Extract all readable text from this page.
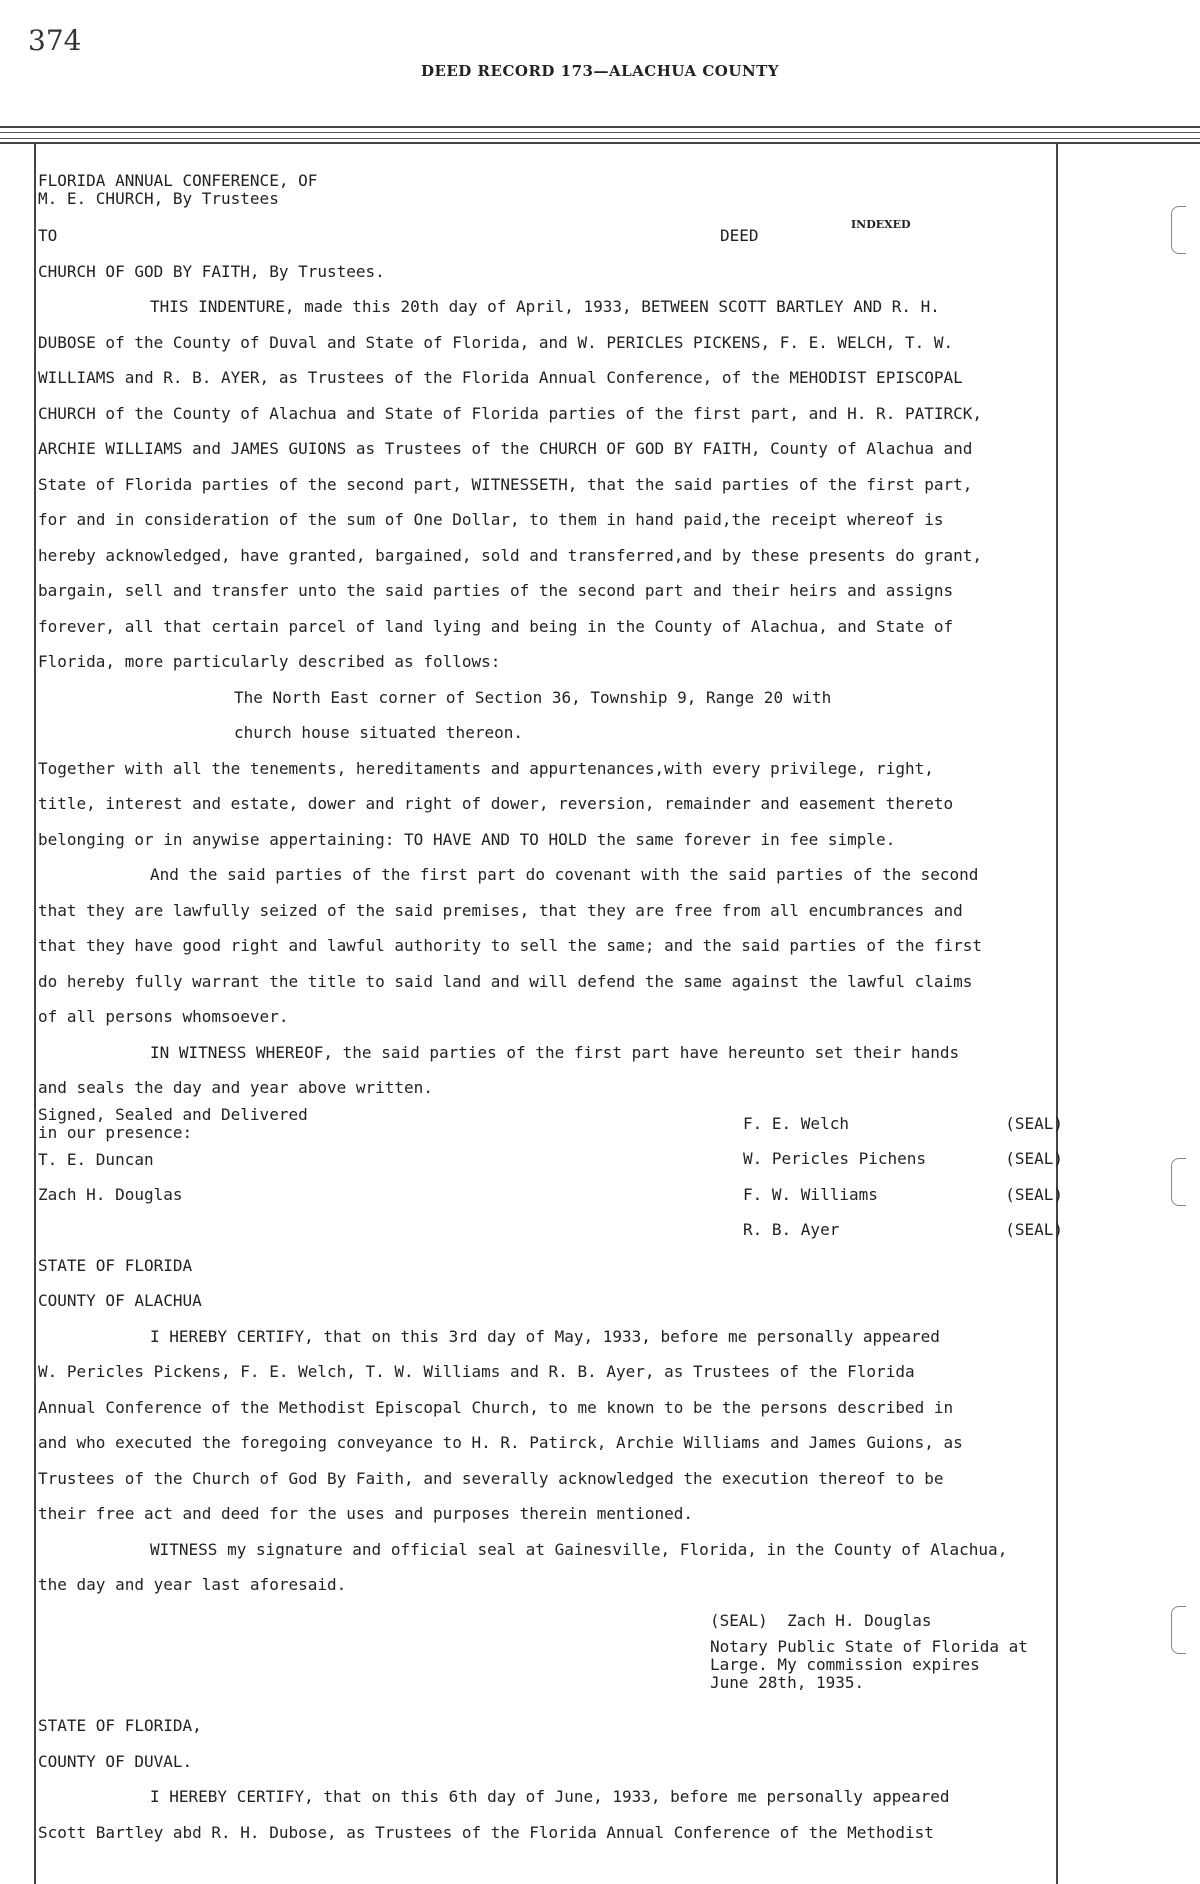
374
DEED RECORD 173—ALACHUA COUNTY
INDEXED
DEED

FLORIDA ANNUAL CONFERENCE, OF

M. E. CHURCH, By Trustees

TO

CHURCH OF GOD BY FAITH, By Trustees.

THIS INDENTURE, made this 20th day of April, 1933, BETWEEN SCOTT BARTLEY AND R. H.

DUBOSE of the County of Duval and State of Florida, and W. PERICLES PICKENS, F. E. WELCH, T. W.

WILLIAMS and R. B. AYER, as Trustees of the Florida Annual Conference, of the MEHODIST EPISCOPAL

CHURCH of the County of Alachua and State of Florida parties of the first part, and H. R. PATIRCK,

ARCHIE WILLIAMS and JAMES GUIONS as Trustees of the CHURCH OF GOD BY FAITH, County of Alachua and

State of Florida parties of the second part, WITNESSETH, that the said parties of the first part,

for and in consideration of the sum of One Dollar, to them in hand paid,the receipt whereof is

hereby acknowledged, have granted, bargained, sold and transferred,and by these presents do grant,

bargain, sell and transfer unto the said parties of the second part and their heirs and assigns

forever, all that certain parcel of land lying and being in the County of Alachua, and State of

Florida, more particularly described as follows:

The North East corner of Section 36, Township 9, Range 20 with

church house situated thereon.

Together with all the tenements, hereditaments and appurtenances,with every privilege, right,

title, interest and estate, dower and right of dower, reversion, remainder and easement thereto

belonging or in anywise appertaining: TO HAVE AND TO HOLD the same forever in fee simple.

And the said parties of the first part do covenant with the said parties of the second

that they are lawfully seized of the said premises, that they are free from all encumbrances and

that they have good right and lawful authority to sell the same; and the said parties of the first

do hereby fully warrant the title to said land and will defend the same against the lawful claims

of all persons whomsoever.

IN WITNESS WHEREOF, the said parties of the first part have hereunto set their hands

and seals the day and year above written.

Signed, Sealed and Delivered

in our presence:

T. E. Duncan

Zach H. Douglas

F. E. Welch	(SEAL)
W. Pericles Pichens	(SEAL)
F. W. Williams	(SEAL)
R. B. Ayer	(SEAL)

STATE OF FLORIDA

COUNTY OF ALACHUA

I HEREBY CERTIFY, that on this 3rd day of May, 1933, before me personally appeared

W. Pericles Pickens, F. E. Welch, T. W. Williams and R. B. Ayer, as Trustees of the Florida

Annual Conference of the Methodist Episcopal Church, to me known to be the persons described in

and who executed the foregoing conveyance to H. R. Patirck, Archie Williams and James Guions, as

Trustees of the Church of God By Faith, and severally acknowledged the execution thereof to be

their free act and deed for the uses and purposes therein mentioned.

WITNESS my signature and official seal at Gainesville, Florida, in the County of Alachua,

the day and year last aforesaid.

(SEAL) Zach H. Douglas

Notary Public State of Florida at

Large. My commission expires

June 28th, 1935.

STATE OF FLORIDA,

COUNTY OF DUVAL.

I HEREBY CERTIFY, that on this 6th day of June, 1933, before me personally appeared

Scott Bartley abd R. H. Dubose, as Trustees of the Florida Annual Conference of the Methodist
